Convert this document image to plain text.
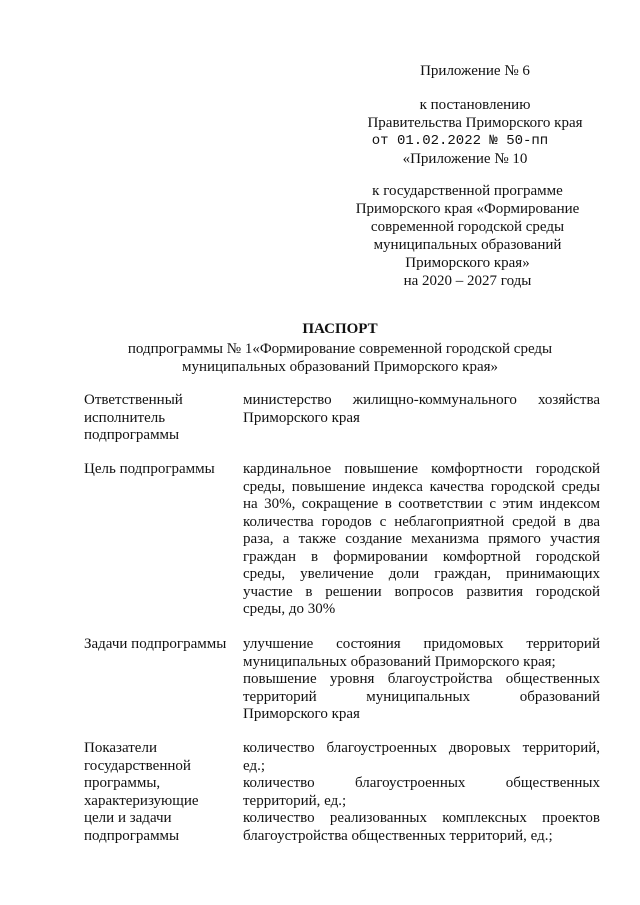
Приложение № 6
к постановлению
Правительства Приморского края
от 01.02.2022 № 50-пп
«Приложение № 10
к государственной программе
Приморского края «Формирование
современной городской среды
муниципальных образований
Приморского края»
на 2020 – 2027 годы
ПАСПОРТ
подпрограммы № 1«Формирование современной городской среды
муниципальных образований Приморского края»
Ответственный
исполнитель
подпрограммы
министерство жилищно-коммунального хозяйства
Приморского края
Цель подпрограммы	кардинальное повышение комфортности городской
среды, повышение индекса качества городской среды
на 30%, сокращение в соответствии с этим индексом
количества городов с неблагоприятной средой в два
раза, а также создание механизма прямого участия
граждан в формировании комфортной городской
среды, увеличение доли граждан, принимающих
участие в решении вопросов развития городской
среды, до 30%
Задачи подпрограммы	улучшение состояния придомовых территорий
муниципальных образований Приморского края;
повышение уровня благоустройства общественных
территорий муниципальных образований
Приморского края
Показатели
государственной
программы,
характеризующие
цели и задачи
подпрограммы
количество благоустроенных дворовых территорий,
ед.;
количество благоустроенных общественных
территорий, ед.;
количество реализованных комплексных проектов
благоустройства общественных территорий, ед.;
